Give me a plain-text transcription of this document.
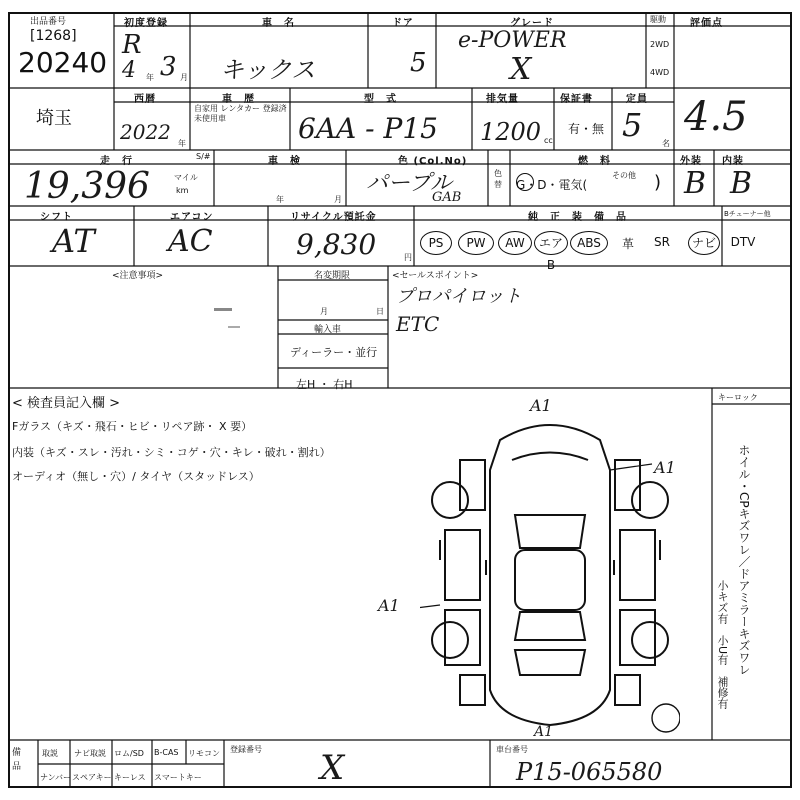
出品番号
[1268]
20240
初度登録
R
4 年 3 月
車　名
キックス
ドア
5
グレード
e-POWER
X
駆動
2WD
4WD
評価点
4.5
埼玉
西暦
2022 年
車　歴
自家用 レンタカー 登録済未使用車
型　式
6AA - P15
排気量
1200 cc
保証書
有・無
定員
5 名
走　行	S/#
19,396	マイル
km
車　検
年	月
色 (Col.No)
パープル
GAB
色替
燃　料
G・D・電気(
その他 )
外装 内装
B B
シフト
AT
エアコン
AC
リサイクル預託金
9,830	円
純　正　装　備　品	Bチューナー他
PS	PW	AW	エアB
ABS	革	SR	ナビ	DTV
<注意事項>	名変期限
月	日
輸入車
ディーラー・並行
左H ・ 右H
<セールスポイント>
プロパイロット
ETC
< 検査員記入欄 >
Fガラス（キズ・飛石・ヒビ・リペア跡・ X 要）
内装（キズ・スレ・汚れ・シミ・コゲ・穴・キレ・破れ・割れ）
オーディオ（無し・穴）/ タイヤ（スタッドレス）
キーロック
ホイル・CPキズワレ／ドアミラーキズワレ
小キズ有　小U有　補修有
A1
A1
A1
A1
備　品
取説 ナビ取説 ロム/SD B-CAS リモコン
ナンバー スペアキー キーレス スマートキー
登録番号 X	車台番号
P15-065580
